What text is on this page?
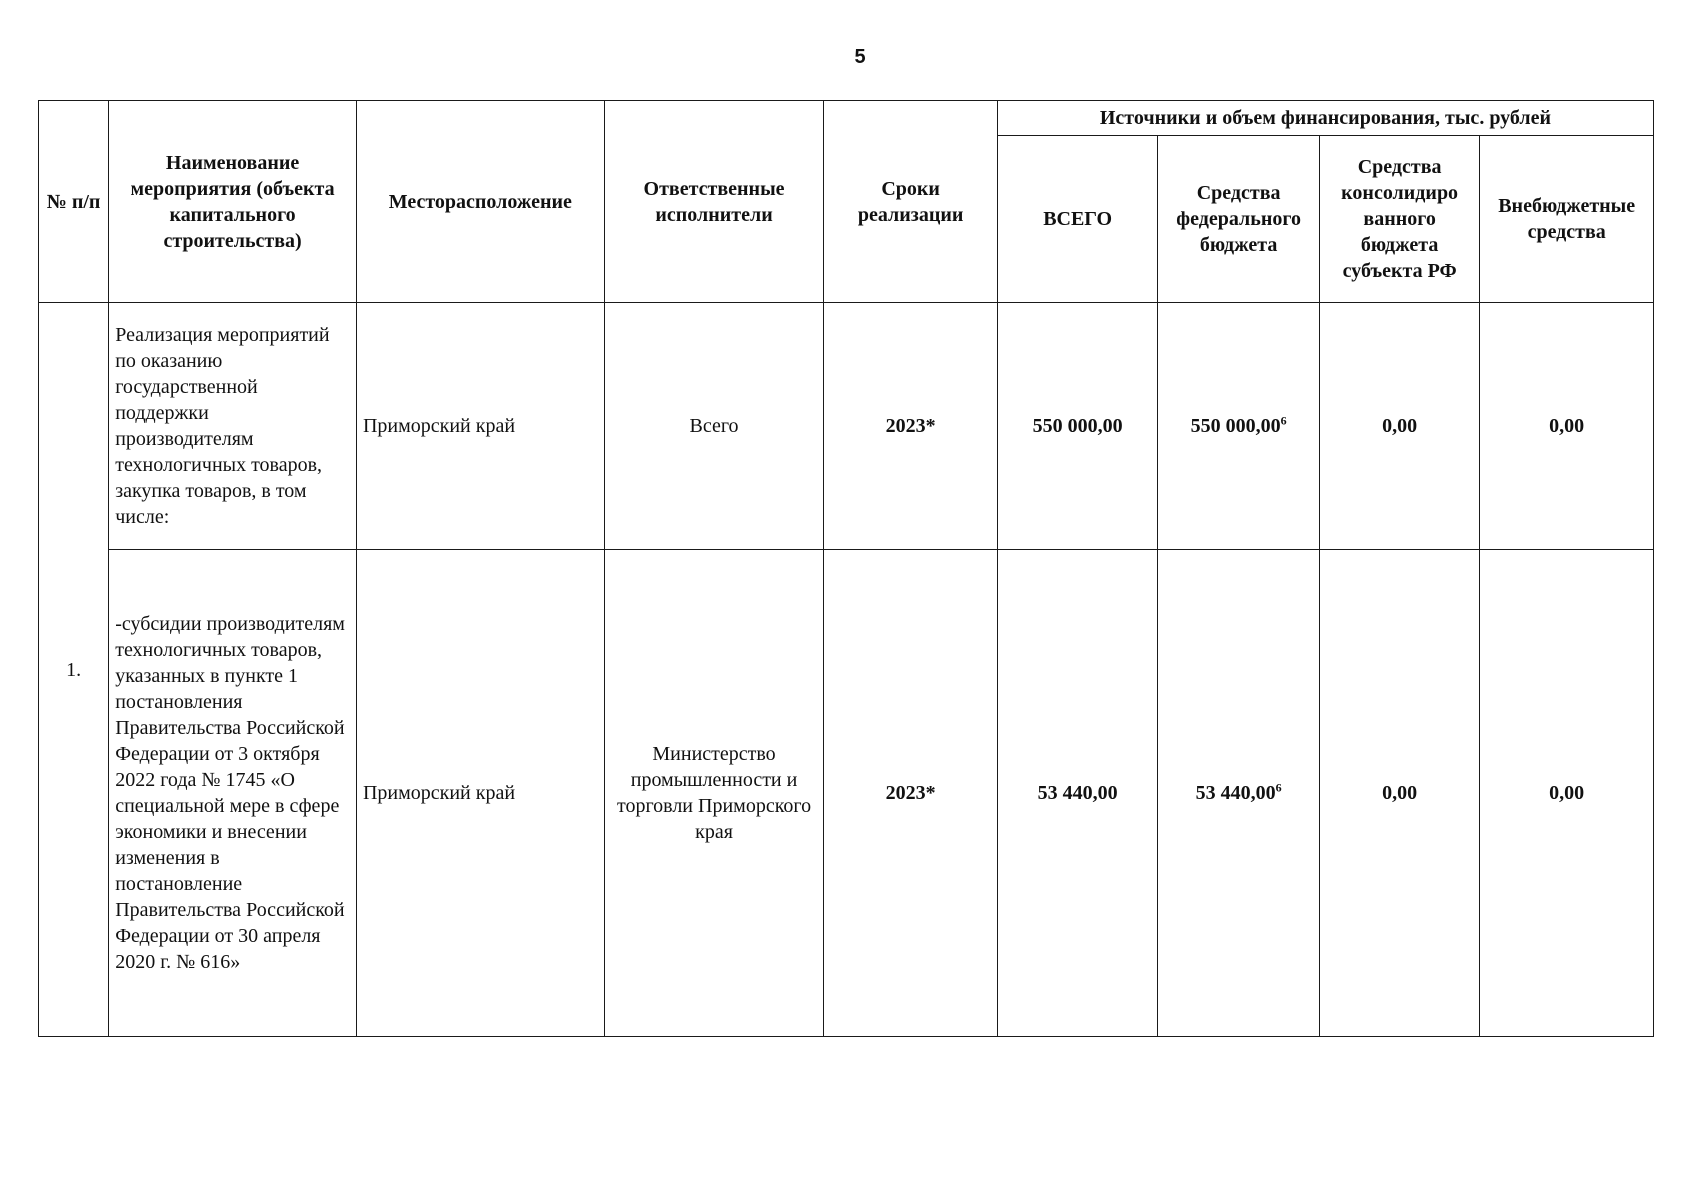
5
№ п/п	Наименование мероприятия (объекта капитального строительства)	Месторасположение	Ответственные исполнители	Сроки реализации	Источники и объем финансирования, тыс. рублей			
					ВСЕГО	Средства федерального бюджета	Средства консолидиро ванного бюджета субъекта РФ	Внебюджетные средства
1.	Реализация мероприятий по оказанию государственной поддержки производителям технологичных товаров, закупка товаров, в том числе:	Приморский край	Всего	2023*	550 000,00	550 000,00$^6$	0,00	0,00
	-субсидии производителям технологичных товаров, указанных в пункте 1 постановления Правительства Российской Федерации от 3 октября 2022 года № 1745 «О специальной мере в сфере экономики и внесении изменения в постановление Правительства Российской Федерации от 30 апреля 2020 г. № 616»	Приморский край	Министерство промышленности и торговли Приморского края	2023*	53 440,00	53 440,00$^6$	0,00	0,00
